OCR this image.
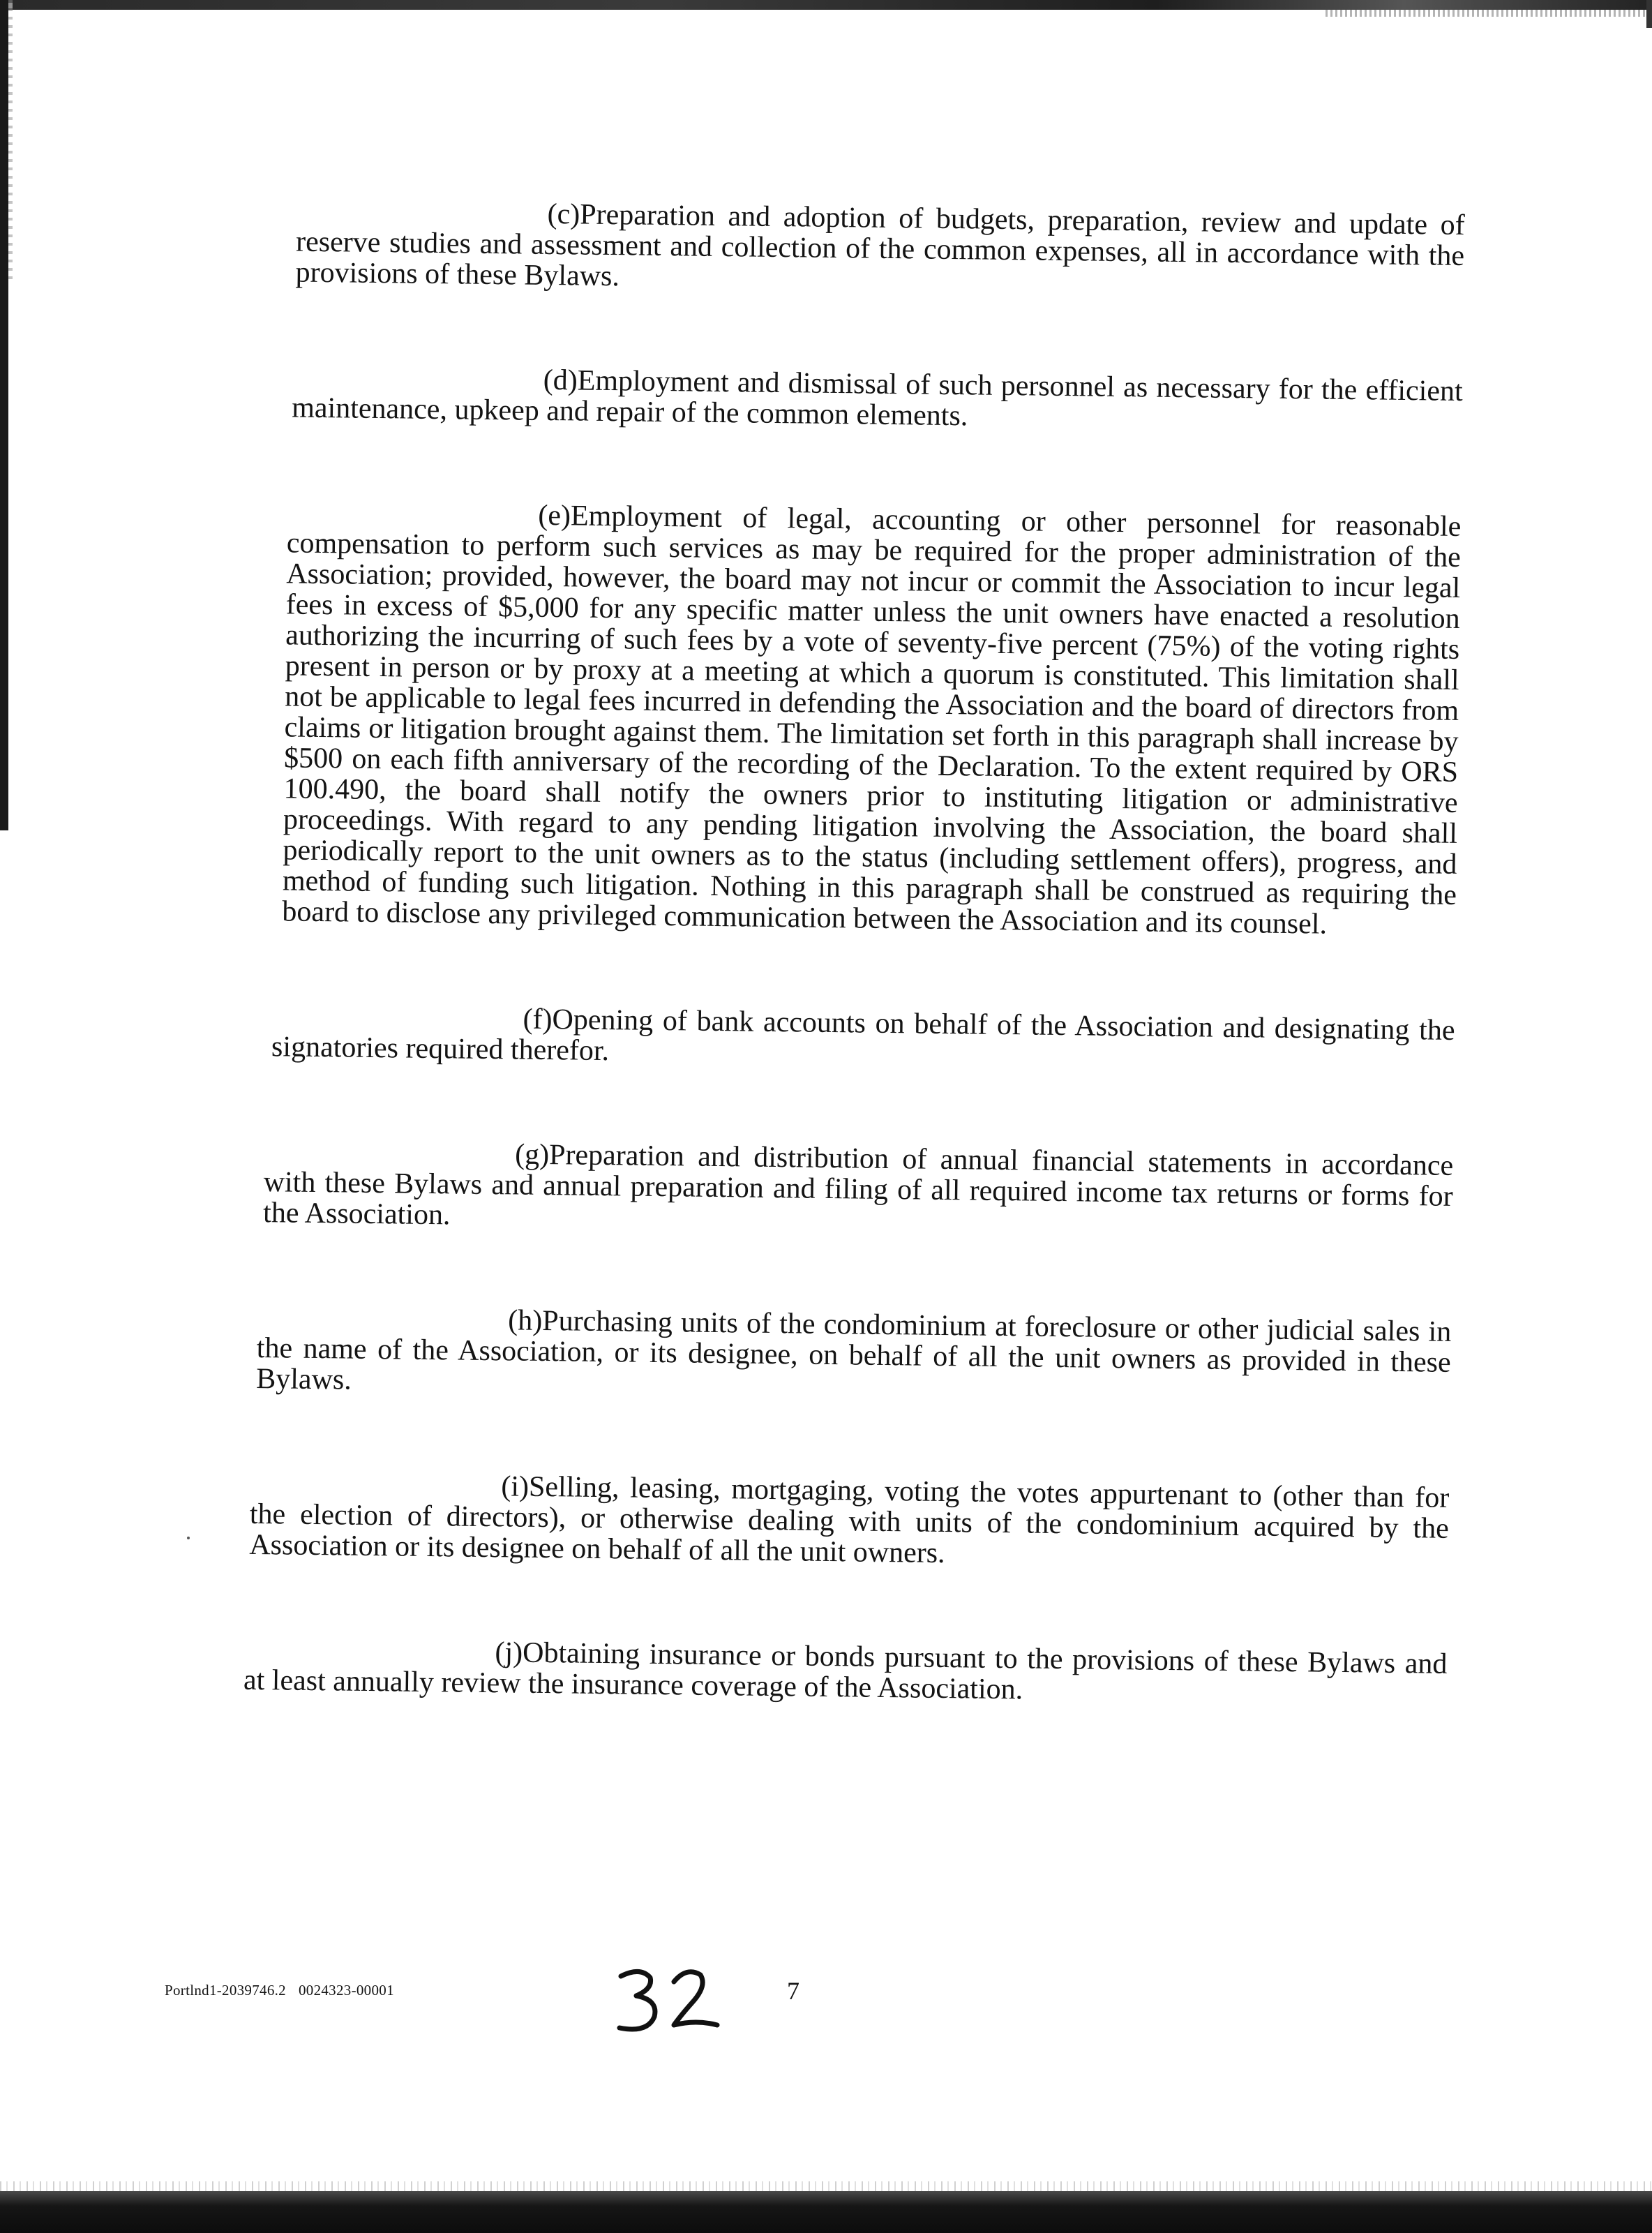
(c)Preparation and adoption of budgets, preparation, review and update of reserve studies and assessment and collection of the common expenses, all in accordance with the provisions of these Bylaws.

(d)Employment and dismissal of such personnel as necessary for the efficient maintenance, upkeep and repair of the common elements.

(e)Employment of legal, accounting or other personnel for reasonable compensation to perform such services as may be required for the proper administration of the Association; provided, however, the board may not incur or commit the Association to incur legal fees in excess of $5,000 for any specific matter unless the unit owners have enacted a resolution authorizing the incurring of such fees by a vote of seventy-five percent (75%) of the voting rights present in person or by proxy at a meeting at which a quorum is constituted. This limitation shall not be applicable to legal fees incurred in defending the Association and the board of directors from claims or litigation brought against them. The limitation set forth in this paragraph shall increase by $500 on each fifth anniversary of the recording of the Declaration. To the extent required by ORS 100.490, the board shall notify the owners prior to instituting litigation or administrative proceedings. With regard to any pending litigation involving the Association, the board shall periodically report to the unit owners as to the status (including settlement offers), progress, and method of funding such litigation. Nothing in this paragraph shall be construed as requiring the board to disclose any privileged communication between the Association and its counsel.

(f)Opening of bank accounts on behalf of the Association and designating the signatories required therefor.

(g)Preparation and distribution of annual financial statements in accordance with these Bylaws and annual preparation and filing of all required income tax returns or forms for the Association.

(h)Purchasing units of the condominium at foreclosure or other judicial sales in the name of the Association, or its designee, on behalf of all the unit owners as provided in these Bylaws.

(i)Selling, leasing, mortgaging, voting the votes appurtenant to (other than for the election of directors), or otherwise dealing with units of the condominium acquired by the Association or its designee on behalf of all the unit owners.

(j)Obtaining insurance or bonds pursuant to the provisions of these Bylaws and at least annually review the insurance coverage of the Association.

Portlnd1-2039746.2 0024323-00001	7
